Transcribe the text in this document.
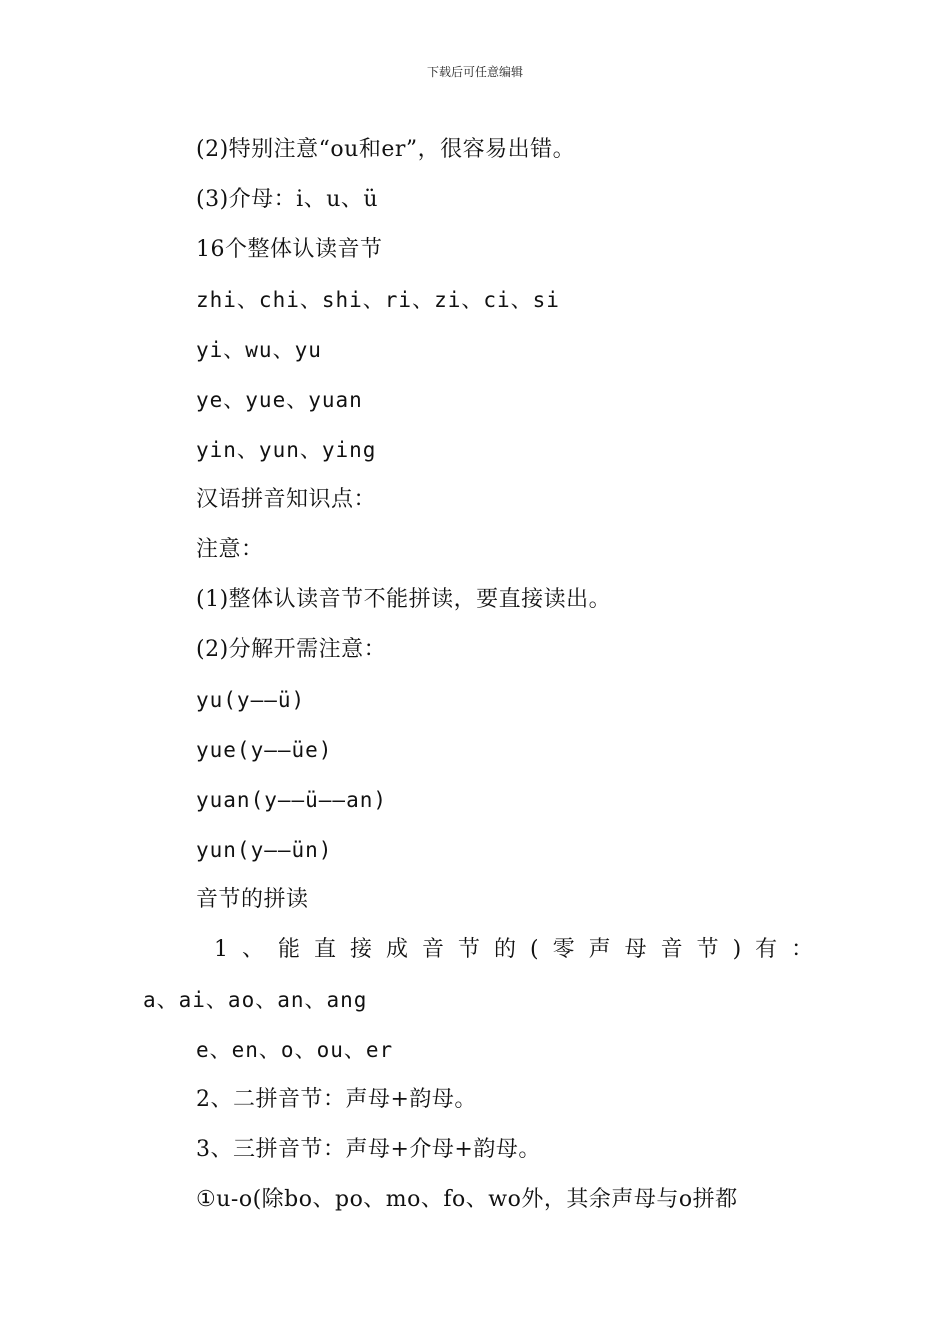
下载后可任意编辑
(2)特别注意“ou和er”，很容易出错。
(3)介母：i、u、ü
16个整体认读音节
zhi、chi、shi、ri、zi、ci、si
yi、wu、yu
ye、yue、yuan
yin、yun、ying
汉语拼音知识点：
注意：
(1)整体认读音节不能拼读，要直接读出。
(2)分解开需注意：
yu(y——ü)
yue(y——üe)
yuan(y——ü——an)
yun(y——ün)
音节的拼读
1、能直接成音节的(零声母音节)有：
a、ai、ao、an、ang
e、en、o、ou、er
2、二拼音节：声母+韵母。
3、三拼音节：声母+介母+韵母。
①u-o(除bo、po、mo、fo、wo外，其余声母与o拼都
